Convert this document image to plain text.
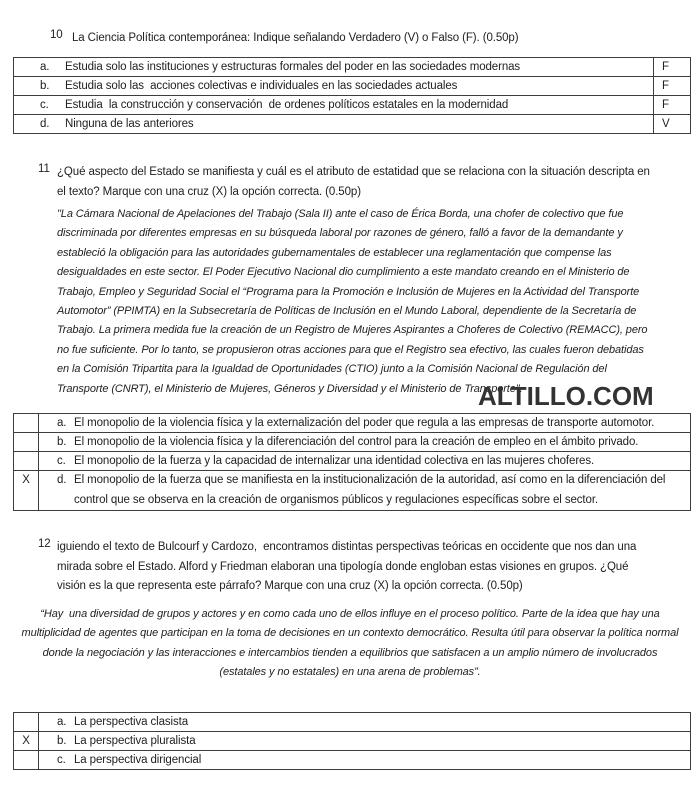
10 La Ciencia Política contemporánea: Indique señalando Verdadero (V) o Falso (F). (0.50p)
a.	Estudia solo las instituciones y estructuras formales del poder en las sociedades modernas	F
b.	Estudia solo las  acciones colectivas e individuales en las sociedades actuales	F
c.	Estudia  la construcción y conservación  de ordenes políticos estatales en la modernidad	F
d.	Ninguna de las anteriores	V
11 ¿Qué aspecto del Estado se manifiesta y cuál es el atributo de estatidad que se relaciona con la situación descripta en el texto? Marque con una cruz (X) la opción correcta. (0.50p)
"La Cámara Nacional de Apelaciones del Trabajo (Sala II) ante el caso de Érica Borda, una chofer de colectivo que fue discriminada por diferentes empresas en su búsqueda laboral por razones de género, falló a favor de la demandante y estableció la obligación para las autoridades gubernamentales de establecer una reglamentación que compense las desigualdades en este sector. El Poder Ejecutivo Nacional dio cumplimiento a este mandato creando en el Ministerio de Trabajo, Empleo y Seguridad Social el “Programa para la Promoción e Inclusión de Mujeres en la Actividad del Transporte Automotor” (PPIMTA) en la Subsecretaría de Políticas de Inclusión en el Mundo Laboral, dependiente de la Secretaría de Trabajo. La primera medida fue la creación de un Registro de Mujeres Aspirantes a Choferes de Colectivo (REMACC), pero no fue suficiente. Por lo tanto, se propusieron otras acciones para que el Registro sea efectivo, las cuales fueron debatidas en la Comisión Tripartita para la Igualdad de Oportunidades (CTIO) junto a la Comisión Nacional de Regulación del Transporte (CNRT), el Ministerio de Mujeres, Géneros y Diversidad y el Ministerio de Transporte".
ALTILLO.COM
a. El monopolio de la violencia física y la externalización del poder que regula a las empresas de transporte automotor.
b. El monopolio de la violencia física y la diferenciación del control para la creación de empleo en el ámbito privado.
c. El monopolio de la fuerza y la capacidad de internalizar una identidad colectiva en las mujeres choferes.
X	d. El monopolio de la fuerza que se manifiesta en la institucionalización de la autoridad, así como en la diferenciación del control que se observa en la creación de organismos públicos y regulaciones específicas sobre el sector.
12 iguiendo el texto de Bulcourf y Cardozo,  encontramos distintas perspectivas teóricas en occidente que nos dan una mirada sobre el Estado. Alford y Friedman elaboran una tipología donde engloban estas visiones en grupos. ¿Qué visión es la que representa este párrafo? Marque con una cruz (X) la opción correcta. (0.50p)
“Hay  una diversidad de grupos y actores y en como cada uno de ellos influye en el proceso político. Parte de la idea que hay una multiplicidad de agentes que participan en la toma de decisiones en un contexto democrático. Resulta útil para observar la política normal donde la negociación y las interacciones e intercambios tienden a equilibrios que satisfacen a un amplio número de involucrados (estatales y no estatales) en una arena de problemas”.
a. La perspectiva clasista
X	b. La perspectiva pluralista
c. La perspectiva dirigencial
